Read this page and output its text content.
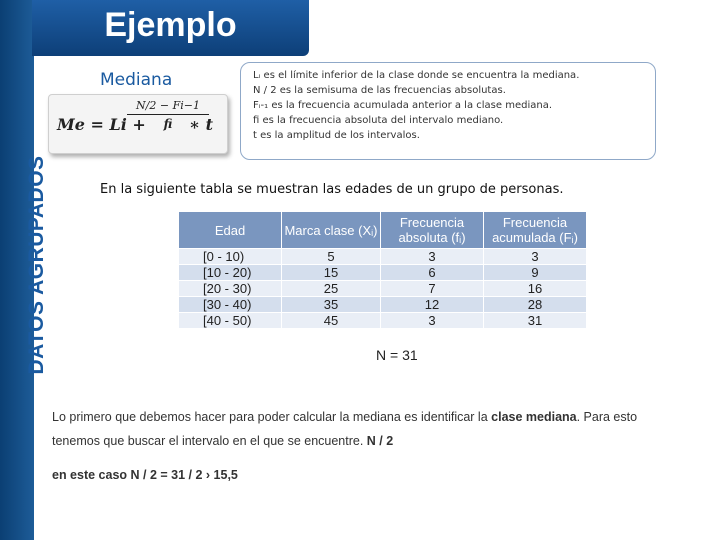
DATOS AGRUPADOS
Ejemplo
Mediana
Me = Li +
$\frac{N/2 - Fi-1}{fi}$
∗ t
Lᵢ es el límite inferior de la clase donde se encuentra la mediana.
N / 2 es la semisuma de las frecuencias absolutas.
Fᵢ-₁ es la frecuencia acumulada anterior a la clase mediana.
fi es la frecuencia absoluta del intervalo mediano.
t es la amplitud de los intervalos.
En la siguiente tabla se muestran las edades de un grupo de personas.
Edad	Marca clase (Xᵢ)	Frecuencia absoluta (fᵢ)	Frecuencia acumulada (Fᵢ)
[0 - 10)	5	3	3
[10 - 20)	15	6	9
[20 - 30)	25	7	16
[30 - 40)	35	12	28
[40 - 50)	45	3	31
N = 31
Lo primero que debemos hacer para poder calcular la mediana es identificar la clase mediana. Para esto
tenemos que buscar el intervalo en el que se encuentre. N / 2
en este caso N / 2 = 31 / 2 › 15,5
